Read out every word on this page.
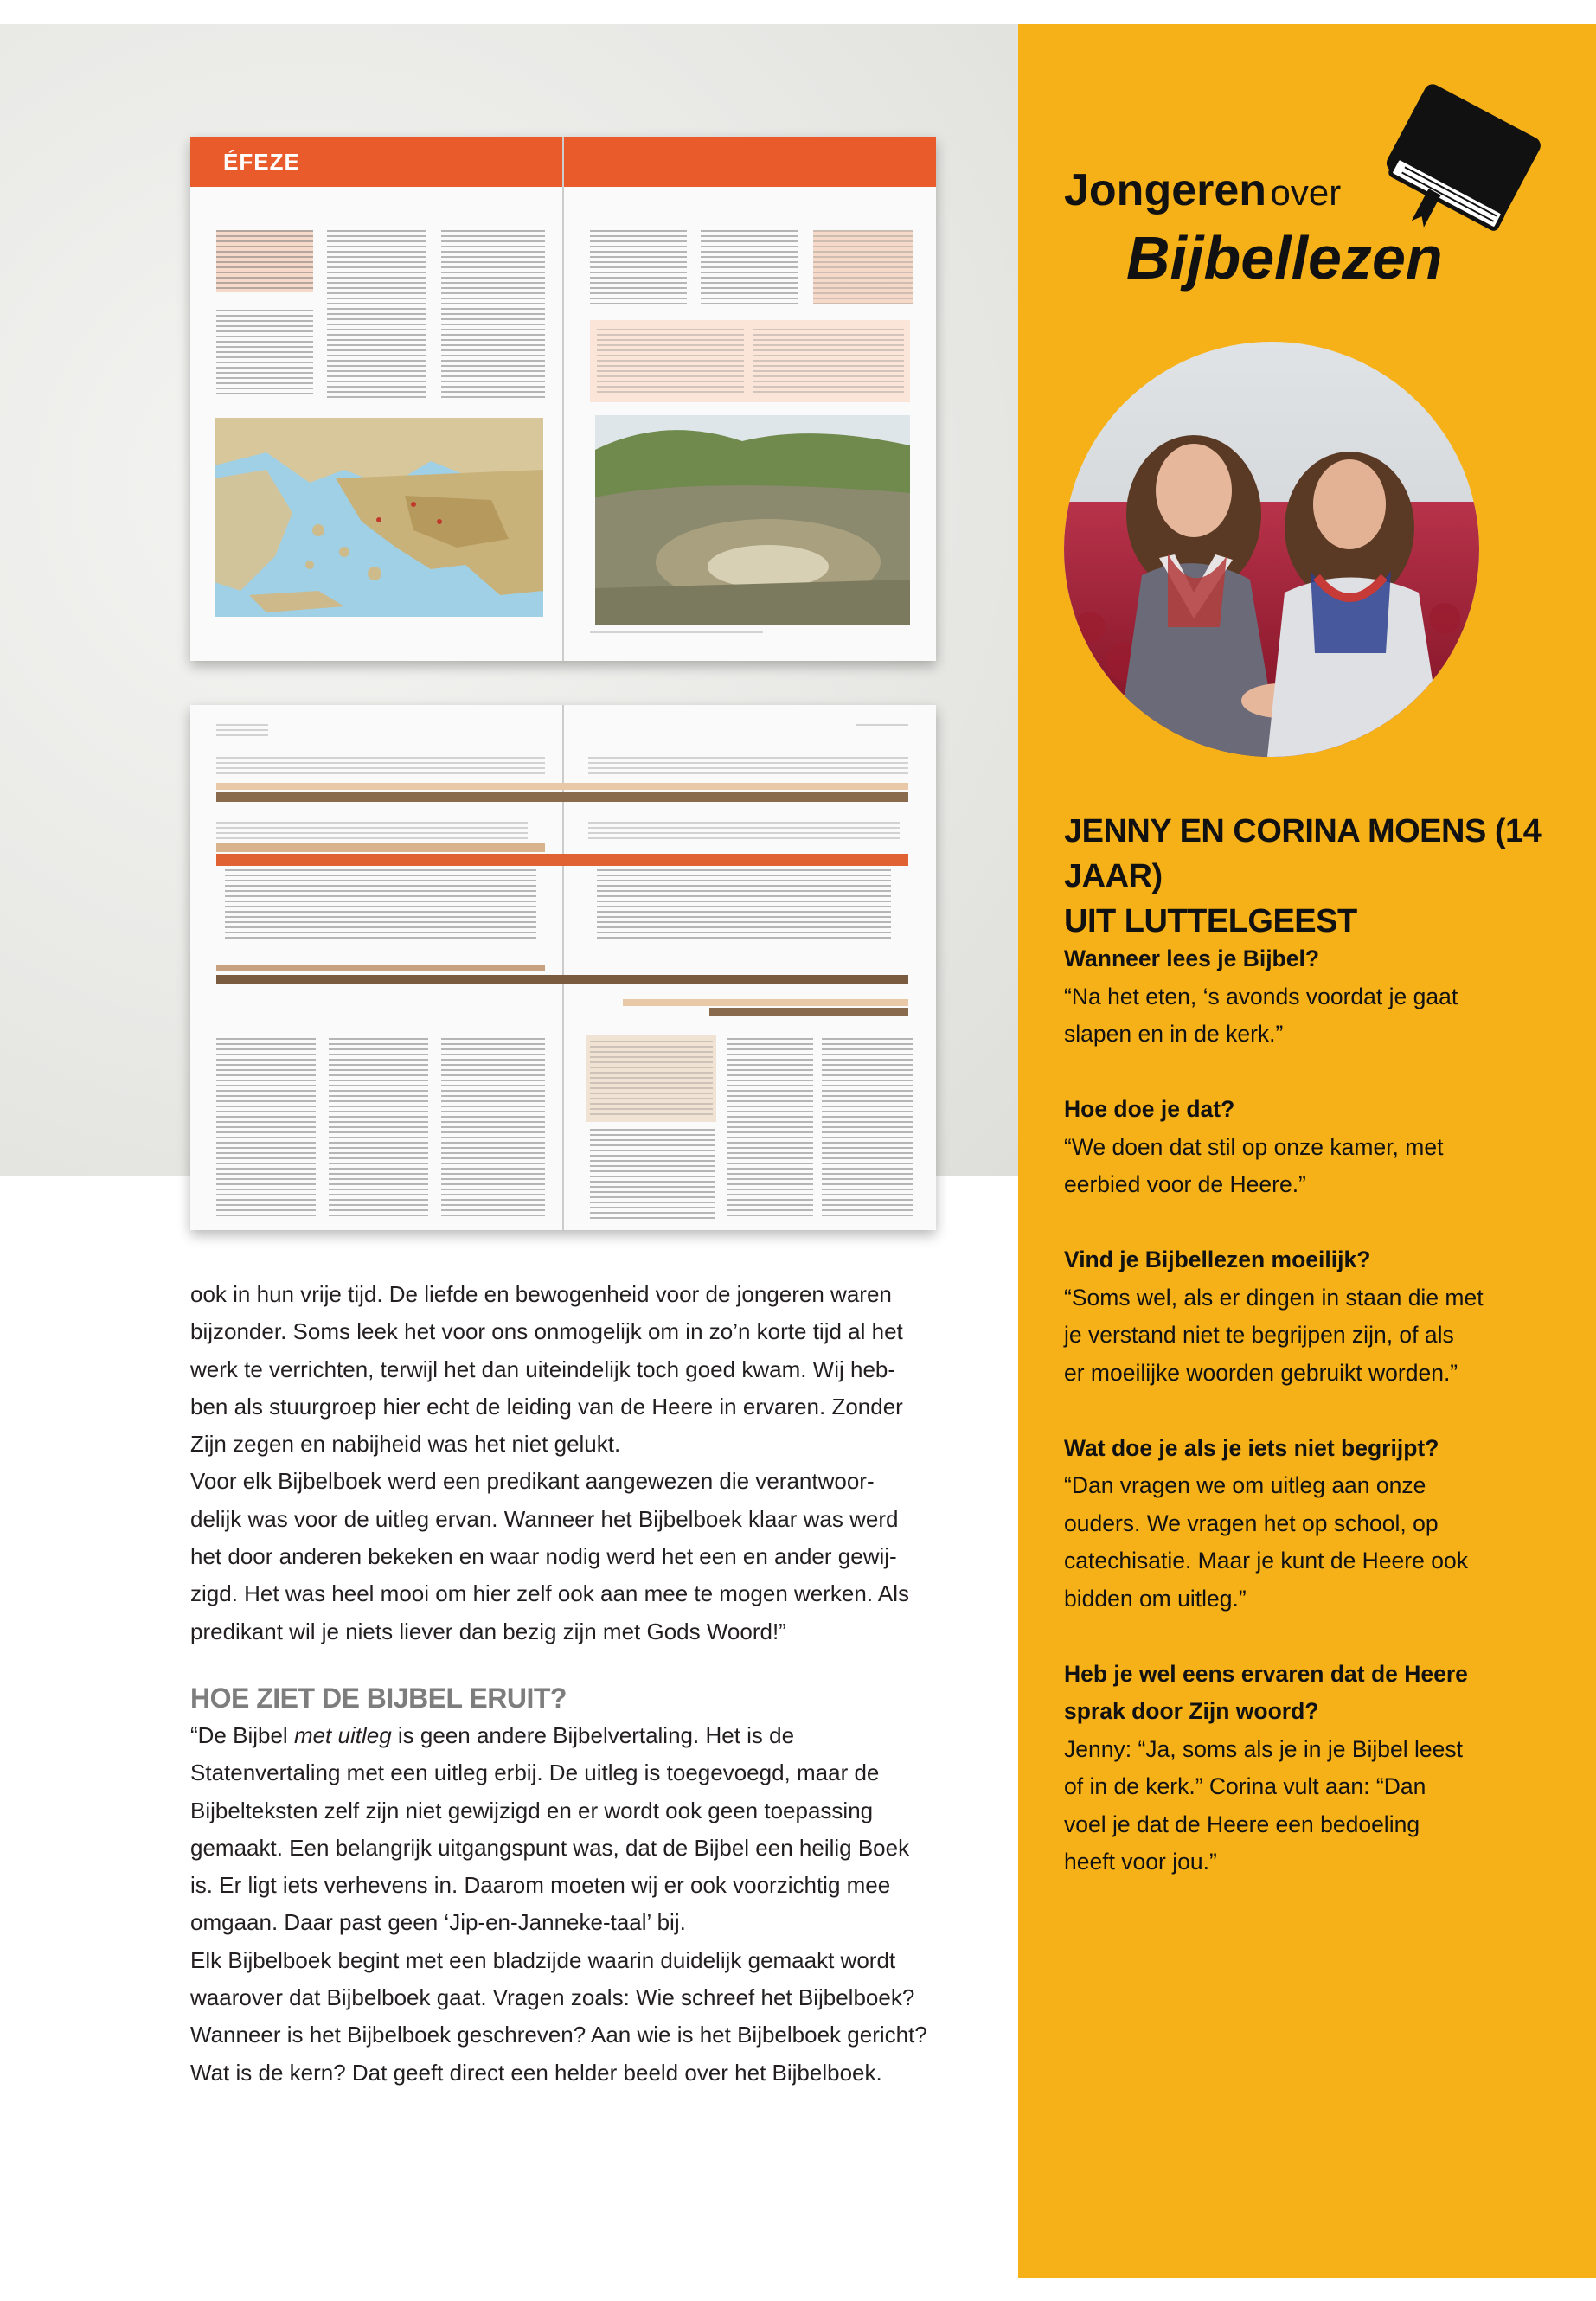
Jongeren over
Bijbellezen
JENNY EN CORINA MOENS (14 JAAR)
UIT LUTTELGEEST
Wanneer lees je Bijbel?
“Na het eten, ‘s avonds voordat je gaat
slapen en in de kerk.”
Hoe doe je dat?
“We doen dat stil op onze kamer, met
eerbied voor de Heere.”
Vind je Bijbellezen moeilijk?
“Soms wel, als er dingen in staan die met
je verstand niet te begrijpen zijn, of als
er moeilijke woorden gebruikt worden.”
Wat doe je als je iets niet begrijpt?
“Dan vragen we om uitleg aan onze
ouders. We vragen het op school, op
catechisatie. Maar je kunt de Heere ook
bidden om uitleg.”
Heb je wel eens ervaren dat de Heere
sprak door Zijn woord?
Jenny: “Ja, soms als je in je Bijbel leest
of in de kerk.” Corina vult aan: “Dan
voel je dat de Heere een bedoeling
heeft voor jou.”
ÉFEZE

ook in hun vrije tijd. De liefde en bewogenheid voor de jongeren waren

bijzonder. Soms leek het voor ons onmogelijk om in zo’n korte tijd al het

werk te verrichten, terwijl het dan uiteindelijk toch goed kwam. Wij heb-

ben als stuurgroep hier echt de leiding van de Heere in ervaren. Zonder

Zijn zegen en nabijheid was het niet gelukt.

Voor elk Bijbelboek werd een predikant aangewezen die verantwoor-

delijk was voor de uitleg ervan. Wanneer het Bijbelboek klaar was werd

het door anderen bekeken en waar nodig werd het een en ander gewij-

zigd. Het was heel mooi om hier zelf ook aan mee te mogen werken. Als

predikant wil je niets liever dan bezig zijn met Gods Woord!”

HOE ZIET DE BIJBEL ERUIT?

“De Bijbel met uitleg is geen andere Bijbelvertaling. Het is de

Statenvertaling met een uitleg erbij. De uitleg is toegevoegd, maar de

Bijbelteksten zelf zijn niet gewijzigd en er wordt ook geen toepassing

gemaakt. Een belangrijk uitgangspunt was, dat de Bijbel een heilig Boek

is. Er ligt iets verhevens in. Daarom moeten wij er ook voorzichtig mee

omgaan. Daar past geen ‘Jip-en-Janneke-taal’ bij.

Elk Bijbelboek begint met een bladzijde waarin duidelijk gemaakt wordt

waarover dat Bijbelboek gaat. Vragen zoals: Wie schreef het Bijbelboek?

Wanneer is het Bijbelboek geschreven? Aan wie is het Bijbelboek gericht?

Wat is de kern? Dat geeft direct een helder beeld over het Bijbelboek.
